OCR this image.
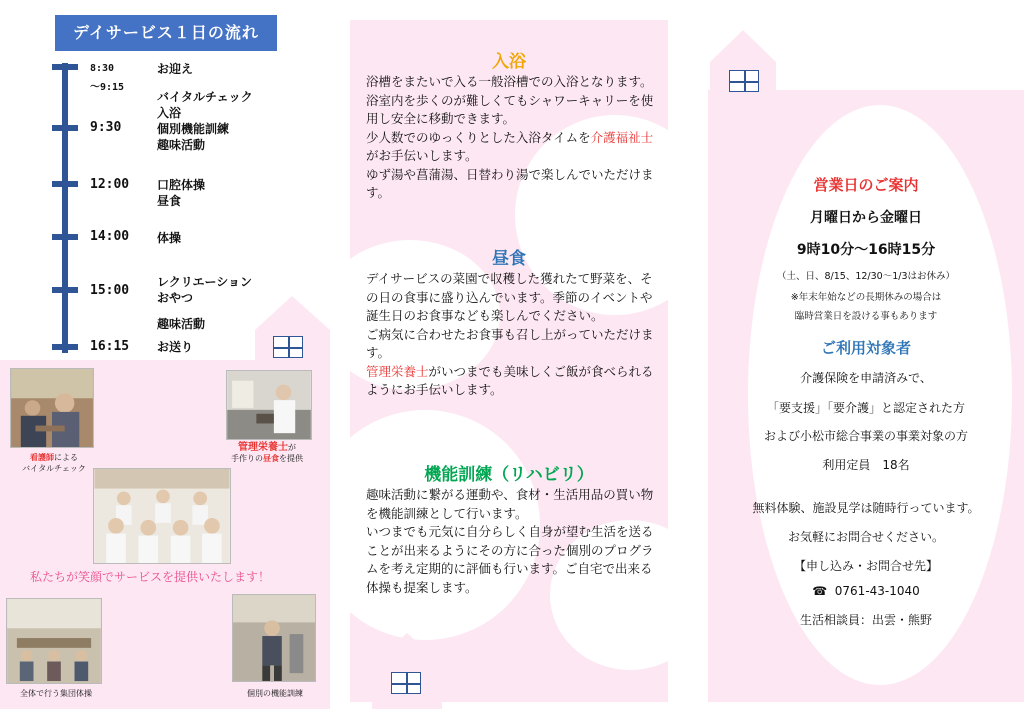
デイサービス１日の流れ
8:30
～9:15
お迎え
バイタルチェック
入浴
9:30	個別機能訓練
趣味活動
12:00 口腔体操
昼食
14:00 体操
レクリエーション
15:00 おやつ
趣味活動
16:15 お送り
看護師による
バイタルチェック
管理栄養士が
手作りの昼食を提供
私たちが笑顔でサービスを提供いたします！
全体で行う集団体操	個別の機能訓練
入浴
浴槽をまたいで入る一般浴槽での入浴となります。浴室内を歩くのが難しくてもシャワーキャリーを使用し安全に移動できます。
少人数でのゆっくりとした入浴タイムを介護福祉士がお手伝いします。
ゆず湯や菖蒲湯、日替わり湯で楽しんでいただけます。
昼食
デイサービスの菜園で収穫した獲れたて野菜を、その日の食事に盛り込んでいます。季節のイベントや誕生日のお食事なども楽しんでください。
ご病気に合わせたお食事も召し上がっていただけます。
管理栄養士がいつまでも美味しくご飯が食べられるようにお手伝いします。
機能訓練（リハビリ）
趣味活動に繋がる運動や、食材・生活用品の買い物を機能訓練として行います。
いつまでも元気に自分らしく自身が望む生活を送ることが出来るようにその方に合った個別のプログラムを考え定期的に評価も行います。ご自宅で出来る体操も提案します。
営業日のご案内
月曜日から金曜日
9時10分～16時15分
（土、日、8/15、12/30～1/3はお休み）
※年末年始などの長期休みの場合は
臨時営業日を設ける事もあります
ご利用対象者
介護保険を申請済みで、
「要支援」「要介護」と認定された方
および小松市総合事業の事業対象の方
利用定員　18名
無料体験、施設見学は随時行っています。
お気軽にお問合せください。
【申し込み・お問合せ先】
☎ 0761-43-1040
生活相談員：出雲・熊野
